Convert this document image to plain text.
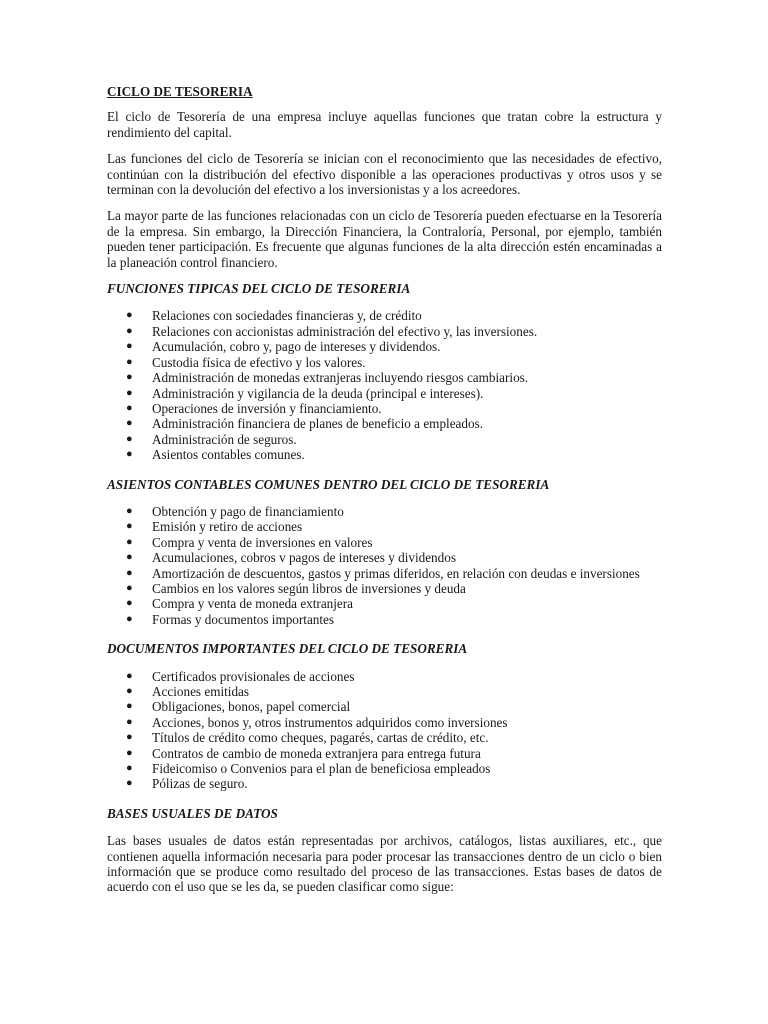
CICLO DE TESORERIA

El ciclo de Tesorería de una empresa incluye aquellas funciones que tratan cobre la estructura y rendimiento del capital.

Las funciones del ciclo de Tesorería se inician con el reconocimiento que las necesidades de efectivo, continúan con la distribución del efectivo disponible a las operaciones productivas y otros usos y se terminan con la devolución del efectivo a los inversionistas y a los acreedores.

La mayor parte de las funciones relacionadas con un ciclo de Tesorería pueden efectuarse en la Tesorería de la empresa. Sin embargo, la Dirección Financiera, la Contraloría, Personal, por ejemplo, también pueden tener participación. Es frecuente que algunas funciones de la alta dirección estén encaminadas a la planeación control financiero.

FUNCIONES TIPICAS DEL CICLO DE TESORERIA
● Relaciones con sociedades financieras y, de crédito
● Relaciones con accionistas administración del efectivo y, las inversiones.
● Acumulación, cobro y, pago de intereses y dividendos.
● Custodia física de efectivo y los valores.
● Administración de monedas extranjeras incluyendo riesgos cambiarios.
● Administración y vigilancia de la deuda (principal e intereses).
● Operaciones de inversión y financiamiento.
● Administración financiera de planes de beneficio a empleados.
● Administración de seguros.
● Asientos contables comunes.
ASIENTOS CONTABLES COMUNES DENTRO DEL CICLO DE TESORERIA
● Obtención y pago de financiamiento
● Emisión y retiro de acciones
● Compra y venta de inversiones en valores
● Acumulaciones, cobros v pagos de intereses y dividendos
● Amortización de descuentos, gastos y primas diferidos, en relación con deudas e inversiones
● Cambios en los valores según libros de inversiones y deuda
● Compra y venta de moneda extranjera
● Formas y documentos importantes
DOCUMENTOS IMPORTANTES DEL CICLO DE TESORERIA
● Certificados provisionales de acciones
● Acciones emitidas
● Obligaciones, bonos, papel comercial
● Acciones, bonos y, otros instrumentos adquiridos como inversiones
● Títulos de crédito como cheques, pagarés, cartas de crédito, etc.
● Contratos de cambio de moneda extranjera para entrega futura
● Fideicomiso o Convenios para el plan de beneficiosa empleados
● Pólizas de seguro.
BASES USUALES DE DATOS

Las bases usuales de datos están representadas por archivos, catálogos, listas auxiliares, etc., que contienen aquella información necesaria para poder procesar las transacciones dentro de un ciclo o bien información que se produce como resultado del proceso de las transacciones. Estas bases de datos de acuerdo con el uso que se les da, se pueden clasificar como sigue:
